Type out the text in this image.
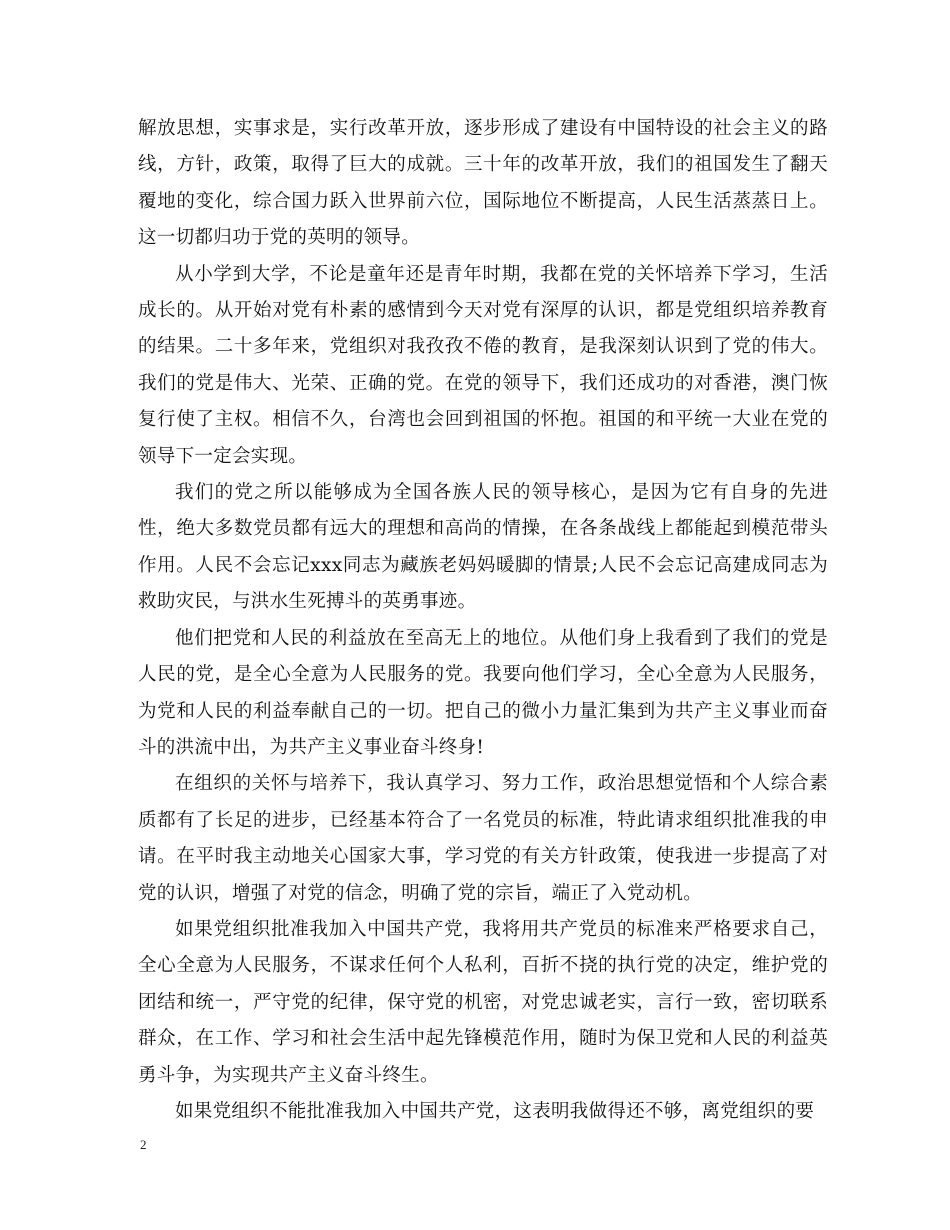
解放思想，实事求是，实行改革开放，逐步形成了建设有中国特设的社会主义的路线，方针，政策，取得了巨大的成就。三十年的改革开放，我们的祖国发生了翻天覆地的变化，综合国力跃入世界前六位，国际地位不断提高，人民生活蒸蒸日上。这一切都归功于党的英明的领导。

从小学到大学，不论是童年还是青年时期，我都在党的关怀培养下学习，生活成长的。从开始对党有朴素的感情到今天对党有深厚的认识，都是党组织培养教育的结果。二十多年来，党组织对我孜孜不倦的教育，是我深刻认识到了党的伟大。我们的党是伟大、光荣、正确的党。在党的领导下，我们还成功的对香港，澳门恢复行使了主权。相信不久，台湾也会回到祖国的怀抱。祖国的和平统一大业在党的领导下一定会实现。

我们的党之所以能够成为全国各族人民的领导核心，是因为它有自身的先进性，绝大多数党员都有远大的理想和高尚的情操，在各条战线上都能起到模范带头作用。人民不会忘记xxx同志为藏族老妈妈暖脚的情景;人民不会忘记高建成同志为救助灾民，与洪水生死搏斗的英勇事迹。

他们把党和人民的利益放在至高无上的地位。从他们身上我看到了我们的党是人民的党，是全心全意为人民服务的党。我要向他们学习，全心全意为人民服务，为党和人民的利益奉献自己的一切。把自己的微小力量汇集到为共产主义事业而奋斗的洪流中出，为共产主义事业奋斗终身!

在组织的关怀与培养下，我认真学习、努力工作，政治思想觉悟和个人综合素质都有了长足的进步，已经基本符合了一名党员的标准，特此请求组织批准我的申请。在平时我主动地关心国家大事，学习党的有关方针政策，使我进一步提高了对党的认识，增强了对党的信念，明确了党的宗旨，端正了入党动机。

如果党组织批准我加入中国共产党，我将用共产党员的标准来严格要求自己，全心全意为人民服务，不谋求任何个人私利，百折不挠的执行党的决定，维护党的团结和统一，严守党的纪律，保守党的机密，对党忠诚老实，言行一致，密切联系群众，在工作、学习和社会生活中起先锋模范作用，随时为保卫党和人民的利益英勇斗争，为实现共产主义奋斗终生。

如果党组织不能批准我加入中国共产党，这表明我做得还不够，离党组织的要

2
